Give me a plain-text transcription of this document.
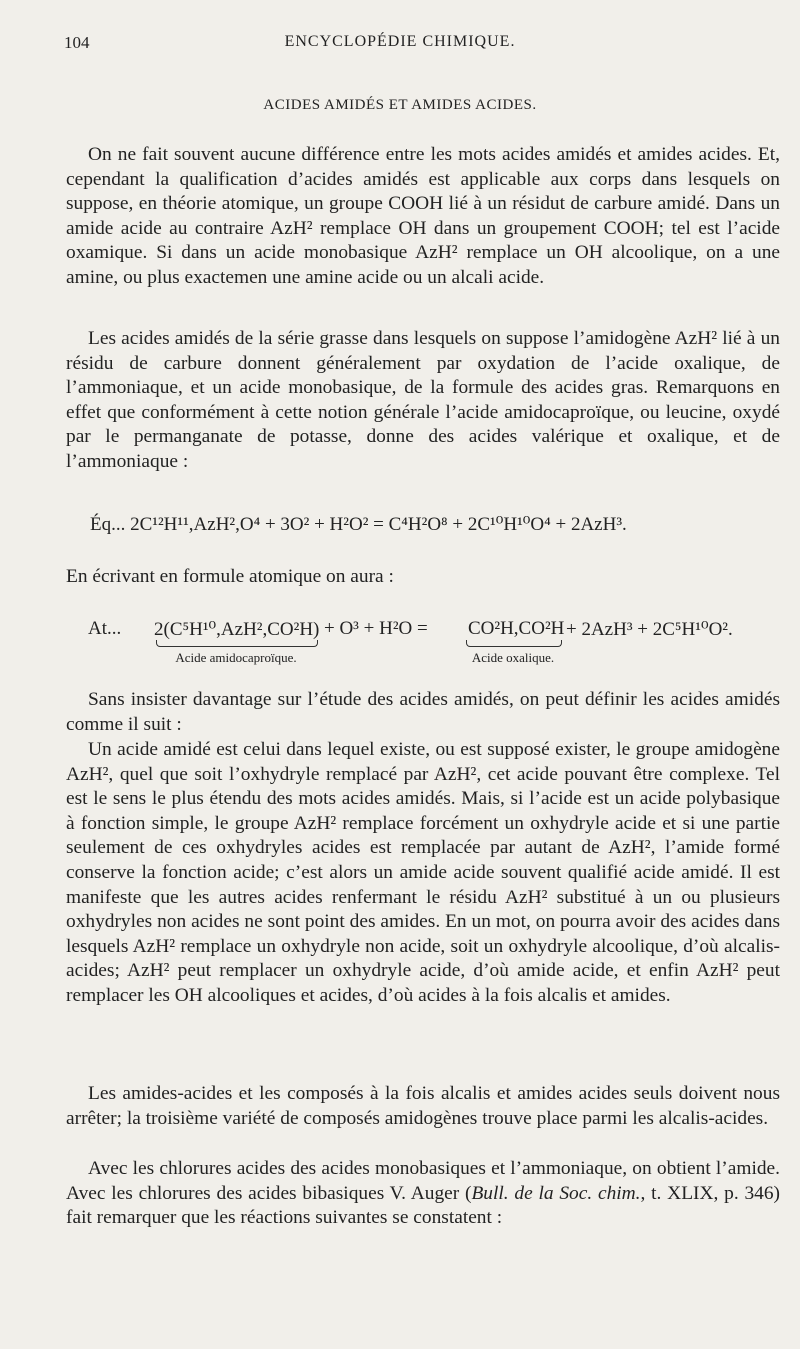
104	ENCYCLOPÉDIE CHIMIQUE.
ACIDES AMIDÉS ET AMIDES ACIDES.

On ne fait souvent aucune différence entre les mots acides amidés et amides acides. Et, cependant la qualification d’acides amidés est applicable aux corps dans lesquels on suppose, en théorie atomique, un groupe COOH lié à un résidut de carbure amidé. Dans un amide acide au contraire AzH² remplace OH dans un groupement COOH; tel est l’acide oxamique. Si dans un acide monobasique AzH² remplace un OH alcoolique, on a une amine, ou plus exactemen une amine acide ou un alcali acide.

Les acides amidés de la série grasse dans lesquels on suppose l’amidogène AzH² lié à un résidu de carbure donnent généralement par oxydation de l’acide oxalique, de l’ammoniaque, et un acide monobasique, de la formule des acides gras. Remarquons en effet que conformément à cette notion générale l’acide amidocaproïque, ou leucine, oxydé par le permanganate de potasse, donne des acides valérique et oxalique, et de l’ammoniaque :

Éq... 2C¹²H¹¹,AzH²,O⁴ + 3O² + H²O² = C⁴H²O⁸ + 2C¹⁰H¹⁰O⁴ + 2AzH³.

En écrivant en formule atomique on aura :

At... 2(C⁵H¹⁰,AzH²,CO²H) + O³ + H²O = CO²H,CO²H + 2AzH³ + 2C⁵H¹⁰O².
Acide amidocaproïque.	Acide oxalique.

Sans insister davantage sur l’étude des acides amidés, on peut définir les acides amidés comme il suit :

Un acide amidé est celui dans lequel existe, ou est supposé exister, le groupe amidogène AzH², quel que soit l’oxhydryle remplacé par AzH², cet acide pouvant être complexe. Tel est le sens le plus étendu des mots acides amidés. Mais, si l’acide est un acide polybasique à fonction simple, le groupe AzH² remplace forcément un oxhydryle acide et si une partie seulement de ces oxhydryles acides est remplacée par autant de AzH², l’amide formé conserve la fonction acide; c’est alors un amide acide souvent qualifié acide amidé. Il est manifeste que les autres acides renfermant le résidu AzH² substitué à un ou plusieurs oxhydryles non acides ne sont point des amides. En un mot, on pourra avoir des acides dans lesquels AzH² remplace un oxhydryle non acide, soit un oxhydryle alcoolique, d’où alcalis-acides; AzH² peut remplacer un oxhydryle acide, d’où amide acide, et enfin AzH² peut remplacer les OH alcooliques et acides, d’où acides à la fois alcalis et amides.

Les amides-acides et les composés à la fois alcalis et amides acides seuls doivent nous arrêter; la troisième variété de composés amidogènes trouve place parmi les alcalis-acides.

Avec les chlorures acides des acides monobasiques et l’ammoniaque, on obtient l’amide. Avec les chlorures des acides bibasiques V. Auger (Bull. de la Soc. chim., t. XLIX, p. 346) fait remarquer que les réactions suivantes se constatent :
